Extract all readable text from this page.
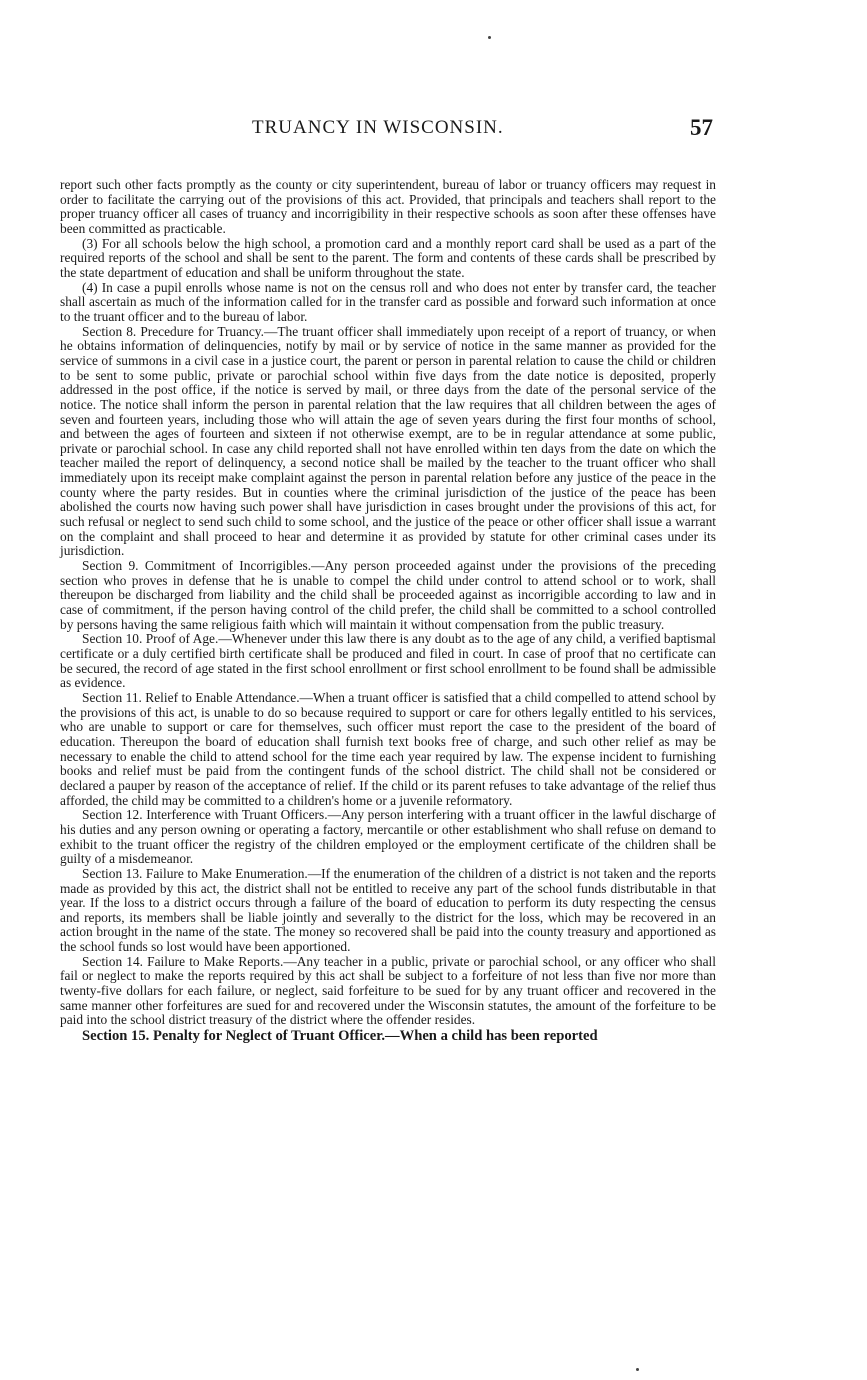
TRUANCY IN WISCONSIN.	57

report such other facts promptly as the county or city superintendent, bureau of labor or truancy officers may request in order to facilitate the carrying out of the provisions of this act. Provided, that principals and teachers shall report to the proper truancy officer all cases of truancy and incorrigibility in their respective schools as soon after these offenses have been committed as practicable.

(3) For all schools below the high school, a promotion card and a monthly report card shall be used as a part of the required reports of the school and shall be sent to the parent. The form and contents of these cards shall be prescribed by the state department of education and shall be uniform throughout the state.

(4) In case a pupil enrolls whose name is not on the census roll and who does not enter by transfer card, the teacher shall ascertain as much of the information called for in the transfer card as possible and forward such information at once to the truant officer and to the bureau of labor.

Section 8. Precedure for Truancy.—The truant officer shall immediately upon receipt of a report of truancy, or when he obtains information of delinquencies, notify by mail or by service of notice in the same manner as provided for the service of summons in a civil case in a justice court, the parent or person in parental relation to cause the child or children to be sent to some public, private or parochial school within five days from the date notice is deposited, properly addressed in the post office, if the notice is served by mail, or three days from the date of the personal service of the notice. The notice shall inform the person in parental relation that the law requires that all children between the ages of seven and fourteen years, including those who will attain the age of seven years during the first four months of school, and between the ages of fourteen and sixteen if not otherwise exempt, are to be in regular attendance at some public, private or parochial school. In case any child reported shall not have enrolled within ten days from the date on which the teacher mailed the report of delinquency, a second notice shall be mailed by the teacher to the truant officer who shall immediately upon its receipt make complaint against the person in parental relation before any justice of the peace in the county where the party resides. But in counties where the criminal jurisdiction of the justice of the peace has been abolished the courts now having such power shall have jurisdiction in cases brought under the provisions of this act, for such refusal or neglect to send such child to some school, and the justice of the peace or other officer shall issue a warrant on the complaint and shall proceed to hear and determine it as provided by statute for other criminal cases under its jurisdiction.

Section 9. Commitment of Incorrigibles.—Any person proceeded against under the provisions of the preceding section who proves in defense that he is unable to compel the child under control to attend school or to work, shall thereupon be discharged from liability and the child shall be proceeded against as incorrigible according to law and in case of commitment, if the person having control of the child prefer, the child shall be committed to a school controlled by persons having the same religious faith which will maintain it without compensation from the public treasury.

Section 10. Proof of Age.—Whenever under this law there is any doubt as to the age of any child, a verified baptismal certificate or a duly certified birth certificate shall be produced and filed in court. In case of proof that no certificate can be secured, the record of age stated in the first school enrollment or first school enrollment to be found shall be admissible as evidence.

Section 11. Relief to Enable Attendance.—When a truant officer is satisfied that a child compelled to attend school by the provisions of this act, is unable to do so because required to support or care for others legally entitled to his services, who are unable to support or care for themselves, such officer must report the case to the president of the board of education. Thereupon the board of education shall furnish text books free of charge, and such other relief as may be necessary to enable the child to attend school for the time each year required by law. The expense incident to furnishing books and relief must be paid from the contingent funds of the school district. The child shall not be considered or declared a pauper by reason of the acceptance of relief. If the child or its parent refuses to take advantage of the relief thus afforded, the child may be committed to a children's home or a juvenile reformatory.

Section 12. Interference with Truant Officers.—Any person interfering with a truant officer in the lawful discharge of his duties and any person owning or operating a factory, mercantile or other establishment who shall refuse on demand to exhibit to the truant officer the registry of the children employed or the employment certificate of the children shall be guilty of a misdemeanor.

Section 13. Failure to Make Enumeration.—If the enumeration of the children of a district is not taken and the reports made as provided by this act, the district shall not be entitled to receive any part of the school funds distributable in that year. If the loss to a district occurs through a failure of the board of education to perform its duty respecting the census and reports, its members shall be liable jointly and severally to the district for the loss, which may be recovered in an action brought in the name of the state. The money so recovered shall be paid into the county treasury and apportioned as the school funds so lost would have been apportioned.

Section 14. Failure to Make Reports.—Any teacher in a public, private or parochial school, or any officer who shall fail or neglect to make the reports required by this act shall be subject to a forfeiture of not less than five nor more than twenty-five dollars for each failure, or neglect, said forfeiture to be sued for by any truant officer and recovered in the same manner other forfeitures are sued for and recovered under the Wisconsin statutes, the amount of the forfeiture to be paid into the school district treasury of the district where the offender resides.

Section 15. Penalty for Neglect of Truant Officer.—When a child has been reported
